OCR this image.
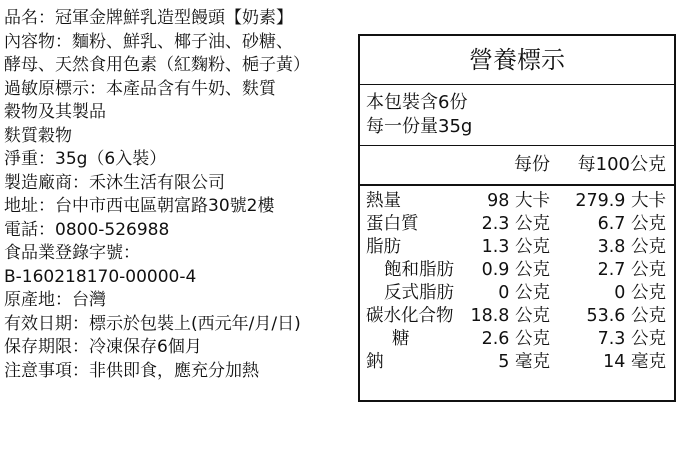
品名：冠軍金牌鮮乳造型饅頭【奶素】
內容物：麵粉、鮮乳、椰子油、砂糖、
酵母、天然食用色素（紅麴粉、梔子黃）
過敏原標示：本產品含有牛奶、麩質
穀物及其製品
麩質穀物
淨重：35g（6入裝）
製造廠商：禾沐生活有限公司
地址：台中市西屯區朝富路30號2樓
電話：0800-526988
食品業登錄字號：
B-160218170-00000-4
原產地：台灣
有效日期：標示於包裝上(西元年/月/日)
保存期限：冷凍保存6個月
注意事項：非供即食，應充分加熱
營養標示
本包裝含6份
每一份量35g
每份	每100公克
熱量	98 大卡	279.9 大卡
蛋白質	2.3 公克	6.7 公克
脂肪	1.3 公克	3.8 公克
飽和脂肪	0.9 公克	2.7 公克
反式脂肪	0 公克	0 公克
碳水化合物 18.8 公克	53.6 公克
糖	2.6 公克	7.3 公克
鈉	5 毫克	14 毫克
